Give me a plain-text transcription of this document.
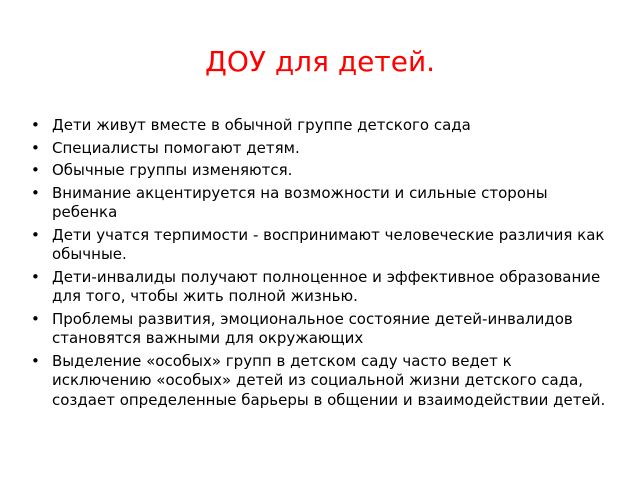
ДОУ для детей.
• Дети живут вместе в обычной группе детского сада
• Специалисты помогают детям.
• Обычные группы изменяются.
• Внимание акцентируется на возможности и сильные стороны ребенка
• Дети учатся терпимости - воспринимают человеческие различия как обычные.
• Дети-инвалиды получают полноценное и эффективное образование для того, чтобы жить полной жизнью.
• Проблемы развития, эмоциональное состояние детей-инвалидов становятся важными для окружающих
• Выделение «особых» групп в детском саду часто ведет к исключению «особых» детей из социальной жизни детского сада, создает определенные барьеры в общении и взаимодействии детей.
